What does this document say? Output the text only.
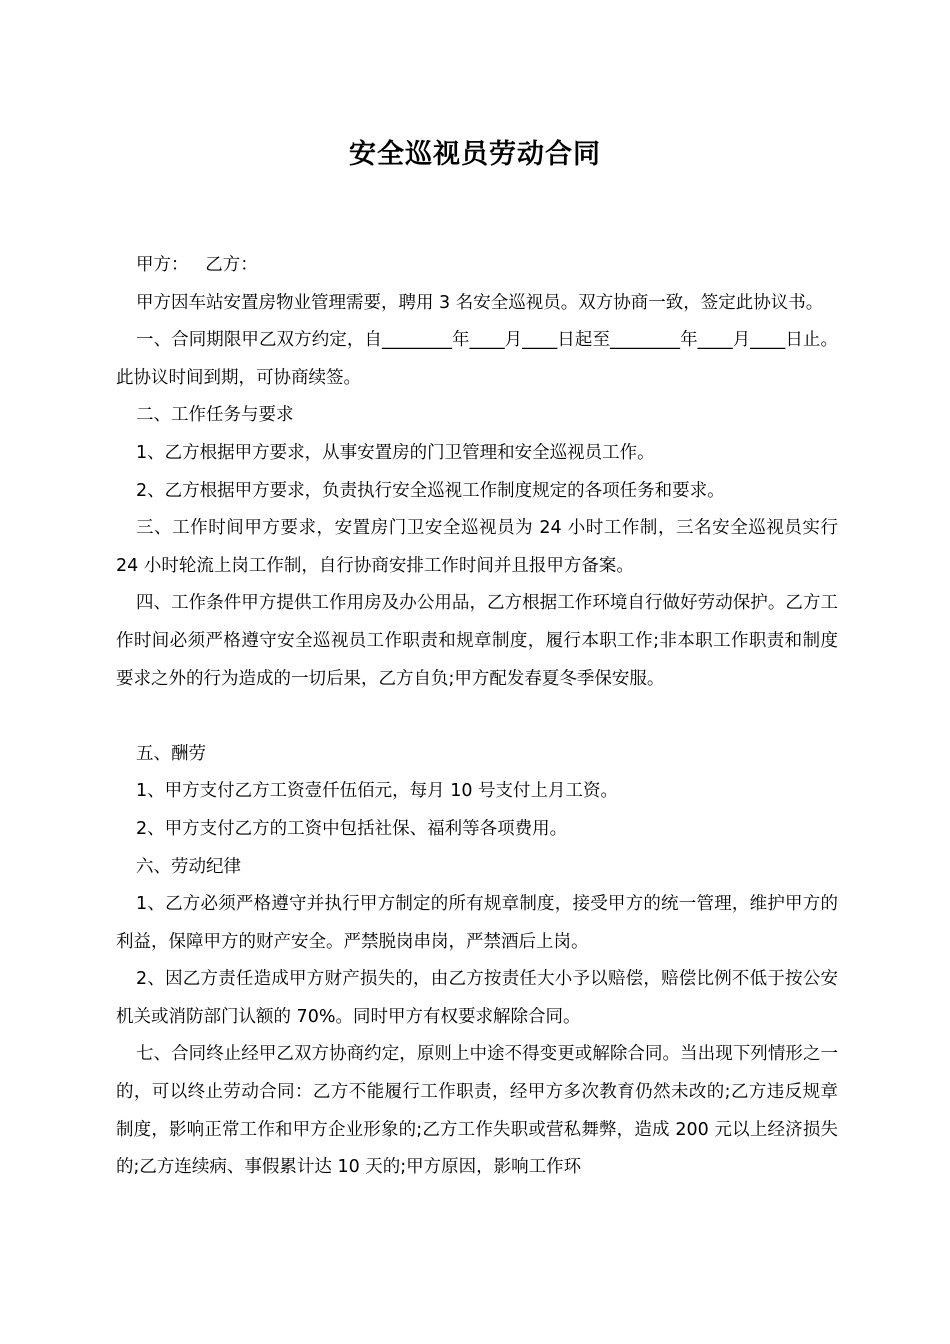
安全巡视员劳动合同

甲方：   乙方：

甲方因车站安置房物业管理需要，聘用 3 名安全巡视员。双方协商一致，签定此协议书。

一、合同期限甲乙双方约定，自________年____月____日起至________年____月____日止。此协议时间到期，可协商续签。

二、工作任务与要求

1、乙方根据甲方要求，从事安置房的门卫管理和安全巡视员工作。

2、乙方根据甲方要求，负责执行安全巡视工作制度规定的各项任务和要求。

三、工作时间甲方要求，安置房门卫安全巡视员为 24 小时工作制，三名安全巡视员实行 24 小时轮流上岗工作制，自行协商安排工作时间并且报甲方备案。

四、工作条件甲方提供工作用房及办公用品，乙方根据工作环境自行做好劳动保护。乙方工作时间必须严格遵守安全巡视员工作职责和规章制度，履行本职工作;非本职工作职责和制度要求之外的行为造成的一切后果，乙方自负;甲方配发春夏冬季保安服。

五、酬劳

1、甲方支付乙方工资壹仟伍佰元，每月 10 号支付上月工资。

2、甲方支付乙方的工资中包括社保、福利等各项费用。

六、劳动纪律

1、乙方必须严格遵守并执行甲方制定的所有规章制度，接受甲方的统一管理，维护甲方的利益，保障甲方的财产安全。严禁脱岗串岗，严禁酒后上岗。

2、因乙方责任造成甲方财产损失的，由乙方按责任大小予以赔偿，赔偿比例不低于按公安机关或消防部门认额的 70%。同时甲方有权要求解除合同。

七、合同终止经甲乙双方协商约定，原则上中途不得变更或解除合同。当出现下列情形之一的，可以终止劳动合同：乙方不能履行工作职责，经甲方多次教育仍然未改的;乙方违反规章制度，影响正常工作和甲方企业形象的;乙方工作失职或营私舞弊，造成 200 元以上经济损失的;乙方连续病、事假累计达 10 天的;甲方原因，影响工作环
